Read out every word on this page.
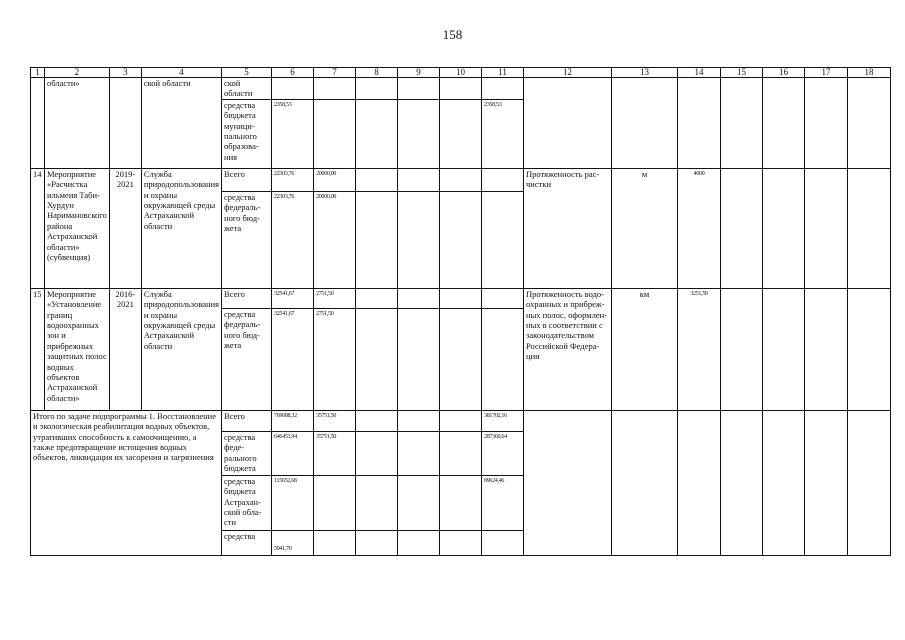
158
1	2	3	4	5	6	7	8	9	10	11	12	13	14	15	16	17	18
	области»		ской области	ской области													
				средства бюджета муници-пального образова-ния	2358,53					2358,53							
14	Мероприятие «Расчистка ильмеия Таби-Хурдун Наримановского района Астраханской области» (субвенция)	2019-2021	Служба природопользования и охраны окружающей среды Астраханской области	Всего	22303,76	20000,00					Протяженность рас-чистки	м	4000				
				средства федераль-ного бюд-жета	22303,76	20000,00											
15	Мероприятие «Установление границ водоохранных зон и прибрежных защитных полос водных объектов Астраханской области»	2016-2021	Служба природопользования и охраны окружающей среды Астраханской области	Всего	32541,67	2751,50					Протяженность водо-охранных и прибреж-ных полос, оформлен-ных в соответствии с законодательством Российской Федера-ции	км	3251,59				
				средства федераль-ного бюд-жета	32541,67	2751,50											
Итого по задаче подпрограммы 1. Восстановление и экологическая реабилитация водных объектов, утративших способность к самоочищению, а также предотвращение истощения водных объектов, ликвидация их засорения и загрязнения				Всего	769088,32	35751,50				381702,16							
				средства феде-рального бюджета	646453,94	35751,50				287360,64							
				средства бюджета Астрахан-ской обла-сти	115652,68					89624,46							
				средства	5941,70												
